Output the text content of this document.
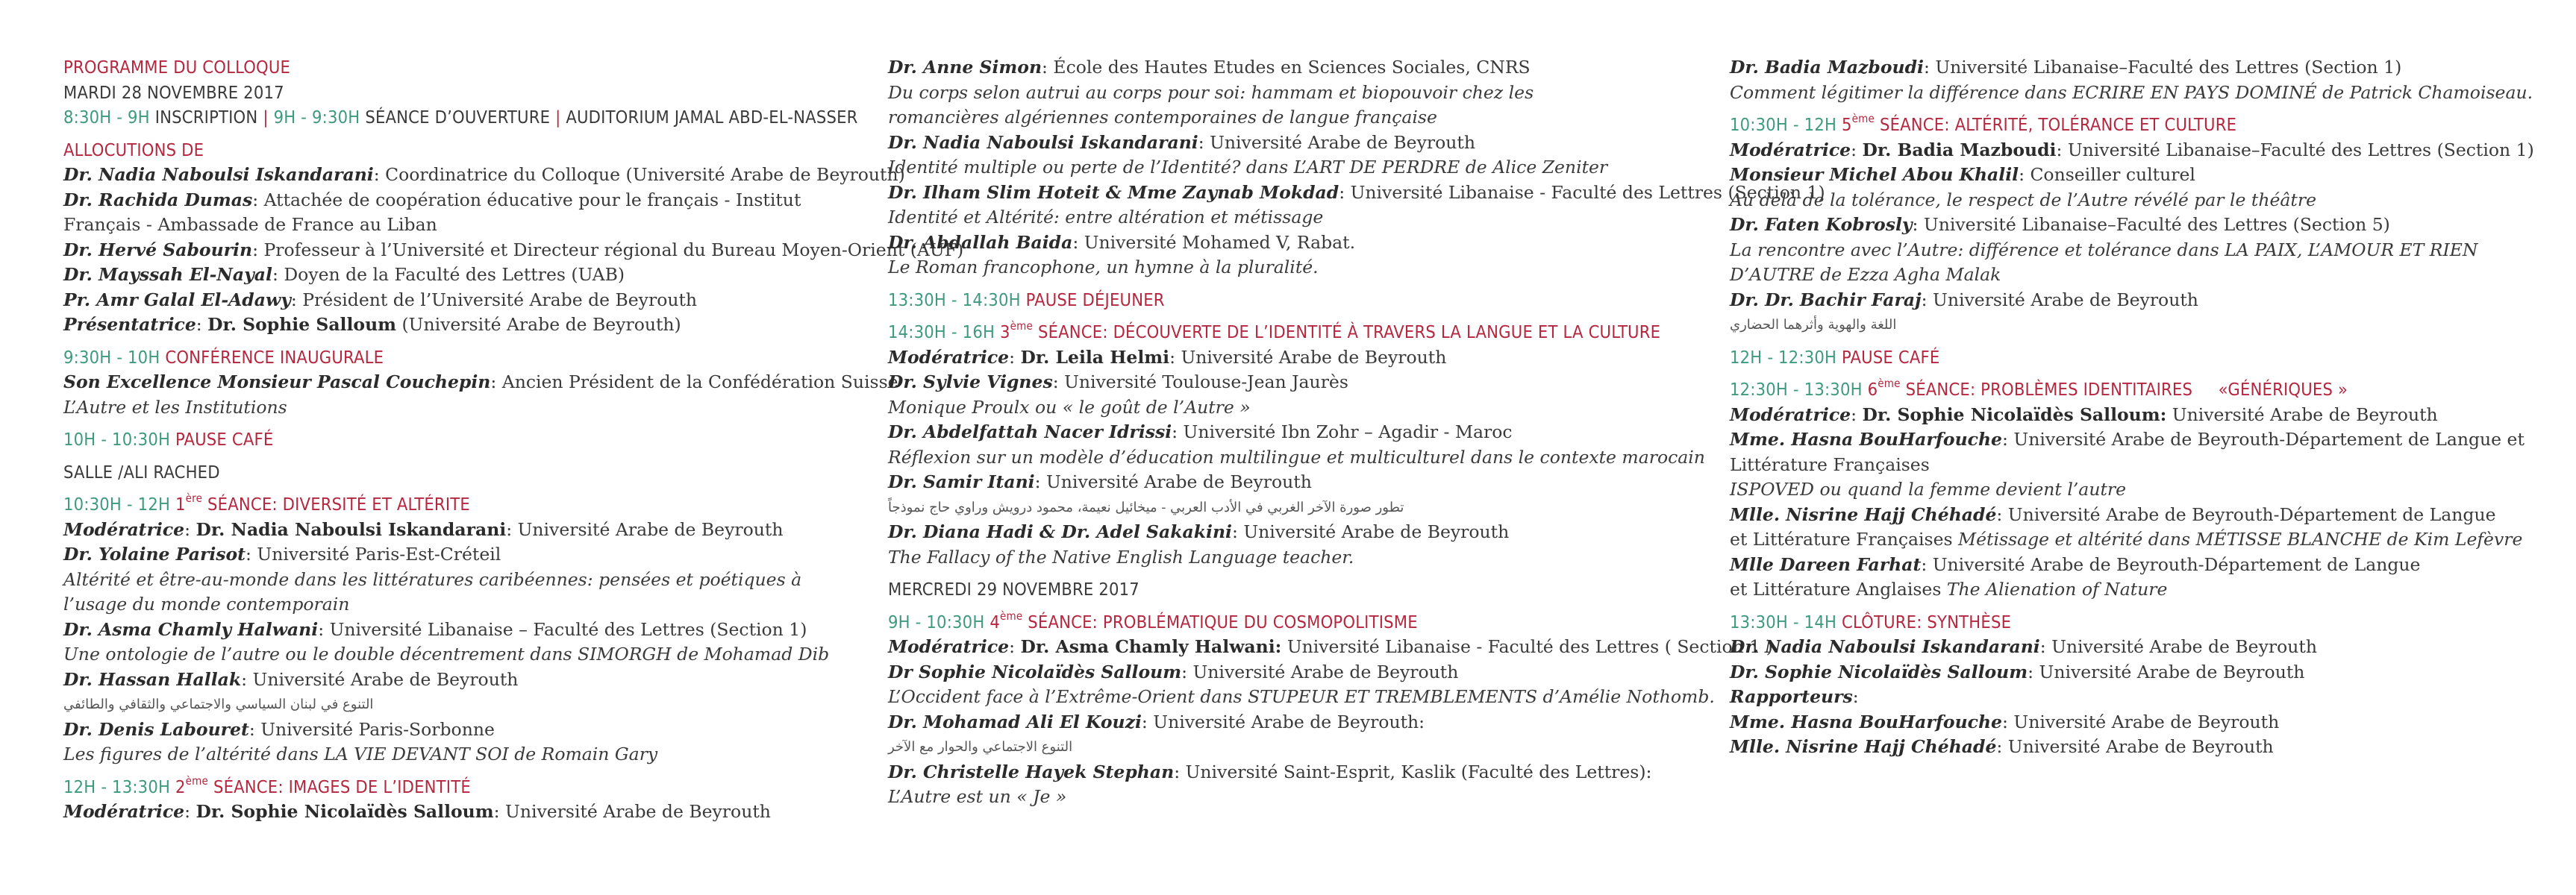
PROGRAMME DU COLLOQUE
MARDI 28 NOVEMBRE 2017
8:30H - 9H INSCRIPTION | 9H - 9:30H SÉANCE D’OUVERTURE | AUDITORIUM JAMAL ABD-EL-NASSER
ALLOCUTIONS DE
Dr. Nadia Naboulsi Iskandarani: Coordinatrice du Colloque (Université Arabe de Beyrouth)
Dr. Rachida Dumas: Attachée de coopération éducative pour le français - Institut Français - Ambassade de France au Liban
Dr. Hervé Sabourin: Professeur à l’Université et Directeur régional du Bureau Moyen-Orient (AUF)
Dr. Mayssah El-Nayal: Doyen de la Faculté des Lettres (UAB)
Pr. Amr Galal El-Adawy: Président de l’Université Arabe de Beyrouth
Présentatrice: Dr. Sophie Salloum (Université Arabe de Beyrouth)
9:30H - 10H CONFÉRENCE INAUGURALE
Son Excellence Monsieur Pascal Couchepin: Ancien Président de la Confédération Suisse
L’Autre et les Institutions
10H - 10:30H PAUSE CAFÉ
SALLE /ALI RACHED
10:30H - 12H 1ère SÉANCE: DIVERSITÉ ET ALTÉRITE
Modératrice: Dr. Nadia Naboulsi Iskandarani: Université Arabe de Beyrouth
Dr. Yolaine Parisot: Université Paris-Est-Créteil
Altérité et être-au-monde dans les littératures caribéennes: pensées et poétiques à l’usage du monde contemporain
Dr. Asma Chamly Halwani: Université Libanaise – Faculté des Lettres (Section 1)
Une ontologie de l’autre ou le double décentrement dans SIMORGH de Mohamad Dib
Dr. Hassan Hallak: Université Arabe de Beyrouth
التنوع في لبنان السياسي والاجتماعي والثقافي والطائفي
Dr. Denis Labouret: Université Paris-Sorbonne
Les figures de l’altérité dans LA VIE DEVANT SOI de Romain Gary
12H - 13:30H 2ème SÉANCE: IMAGES DE L’IDENTITÉ
Modératrice: Dr. Sophie Nicolaïdès Salloum: Université Arabe de Beyrouth
Dr. Anne Simon: École des Hautes Etudes en Sciences Sociales, CNRS
Du corps selon autrui au corps pour soi: hammam et biopouvoir chez les romancières algériennes contemporaines de langue française
Dr. Nadia Naboulsi Iskandarani: Université Arabe de Beyrouth
Identité multiple ou perte de l’Identité? dans L’ART DE PERDRE de Alice Zeniter
Dr. Ilham Slim Hoteit & Mme Zaynab Mokdad: Université Libanaise - Faculté des Lettres (Section 1)
Identité et Altérité: entre altération et métissage
Dr. Abdallah Baida: Université Mohamed V, Rabat.
Le Roman francophone, un hymne à la pluralité.
13:30H - 14:30H PAUSE DÉJEUNER
14:30H - 16H 3ème SÉANCE: DÉCOUVERTE DE L’IDENTITÉ À TRAVERS LA LANGUE ET LA CULTURE
Modératrice: Dr. Leila Helmi: Université Arabe de Beyrouth
Dr. Sylvie Vignes: Université Toulouse-Jean Jaurès
Monique Proulx ou « le goût de l’Autre »
Dr. Abdelfattah Nacer Idrissi: Université Ibn Zohr – Agadir - Maroc
Réflexion sur un modèle d’éducation multilingue et multiculturel dans le contexte marocain
Dr. Samir Itani: Université Arabe de Beyrouth
تطور صورة الآخر الغربي في الأدب العربي - ميخائيل نعيمة، محمود درويش وراوي حاج نموذجاً
Dr. Diana Hadi & Dr. Adel Sakakini: Université Arabe de Beyrouth
The Fallacy of the Native English Language teacher.
MERCREDI 29 NOVEMBRE 2017
9H - 10:30H 4ème SÉANCE: PROBLÉMATIQUE DU COSMOPOLITISME
Modératrice: Dr. Asma Chamly Halwani: Université Libanaise - Faculté des Lettres ( Section 1 )
Dr Sophie Nicolaïdès Salloum: Université Arabe de Beyrouth
L’Occident face à l’Extrême-Orient dans STUPEUR ET TREMBLEMENTS d’Amélie Nothomb.
Dr. Mohamad Ali El Kouzi: Université Arabe de Beyrouth:
التنوع الاجتماعي والحوار مع الآخر
Dr. Christelle Hayek Stephan: Université Saint-Esprit, Kaslik (Faculté des Lettres):
L’Autre est un « Je »
Dr. Badia Mazboudi: Université Libanaise–Faculté des Lettres (Section 1)
Comment légitimer la différence dans ECRIRE EN PAYS DOMINÉ de Patrick Chamoiseau.
10:30H - 12H 5ème SÉANCE: ALTÉRITÉ, TOLÉRANCE ET CULTURE
Modératrice: Dr. Badia Mazboudi: Université Libanaise–Faculté des Lettres (Section 1)
Monsieur Michel Abou Khalil: Conseiller culturel
Au delà de la tolérance, le respect de l’Autre révélé par le théâtre
Dr. Faten Kobrosly: Université Libanaise–Faculté des Lettres (Section 5)
La rencontre avec l’Autre: différence et tolérance dans LA PAIX, L’AMOUR ET RIEN D’AUTRE de Ezza Agha Malak
Dr. Dr. Bachir Faraj: Université Arabe de Beyrouth
اللغة والهوية وأثرهما الحضاري
12H - 12:30H PAUSE CAFÉ
12:30H - 13:30H 6ème SÉANCE: PROBLÈMES IDENTITAIRES «GÉNÉRIQUES »
Modératrice: Dr. Sophie Nicolaïdès Salloum: Université Arabe de Beyrouth
Mme. Hasna BouHarfouche: Université Arabe de Beyrouth-Département de Langue et Littérature Françaises
ISPOVED ou quand la femme devient l’autre
Mlle. Nisrine Hajj Chéhadé: Université Arabe de Beyrouth-Département de Langue
et Littérature Françaises Métissage et altérité dans MÉTISSE BLANCHE de Kim Lefèvre
Mlle Dareen Farhat: Université Arabe de Beyrouth-Département de Langue
et Littérature Anglaises The Alienation of Nature
13:30H - 14H CLÔTURE: SYNTHÈSE
Dr. Nadia Naboulsi Iskandarani: Université Arabe de Beyrouth
Dr. Sophie Nicolaïdès Salloum: Université Arabe de Beyrouth
Rapporteurs:
Mme. Hasna BouHarfouche: Université Arabe de Beyrouth
Mlle. Nisrine Hajj Chéhadé: Université Arabe de Beyrouth
